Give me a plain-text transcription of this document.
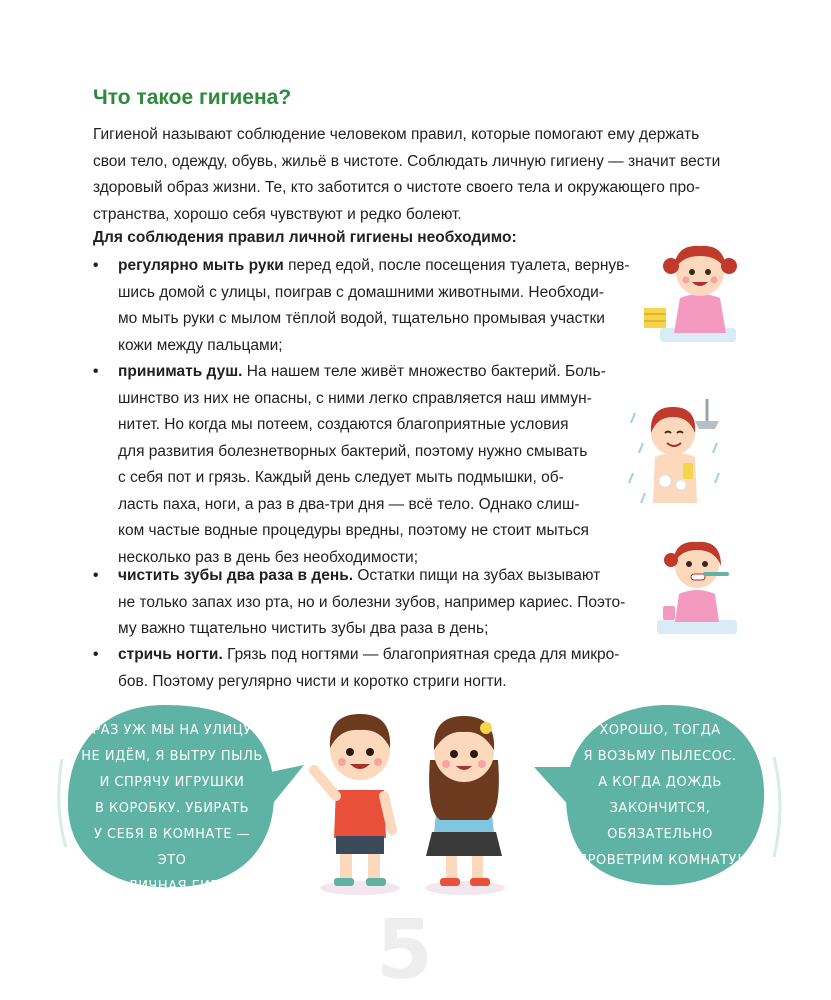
Что такое гигиена?
Гигиеной называют соблюдение человеком правил, которые помогают ему держать
свои тело, одежду, обувь, жильё в чистоте. Соблюдать личную гигиену — значит вести
здоровый образ жизни. Те, кто заботится о чистоте своего тела и окружающего про-
странства, хорошо себя чувствуют и редко болеют.
Для соблюдения правил личной гигиены необходимо:
•	регулярно мыть руки перед едой, после посещения туалета, вернув-
шись домой с улицы, поиграв с домашними животными. Необходи-
мо мыть руки с мылом тёплой водой, тщательно промывая участки
кожи между пальцами;
•	принимать душ. На нашем теле живёт множество бактерий. Боль-
шинство из них не опасны, с ними легко справляется наш иммун-
нитет. Но когда мы потеем, создаются благоприятные условия
для развития болезнетворных бактерий, поэтому нужно смывать
с себя пот и грязь. Каждый день следует мыть подмышки, об-
ласть паха, ноги, а раз в два-три дня — всё тело. Однако слиш-
ком частые водные процедуры вредны, поэтому не стоит мыться
несколько раз в день без необходимости;
•	чистить зубы два раза в день. Остатки пищи на зубах вызывают
не только запах изо рта, но и болезни зубов, например кариес. Поэто-
му важно тщательно чистить зубы два раза в день;
•	стричь ногти. Грязь под ногтями — благоприятная среда для микро-
бов. Поэтому регулярно чисти и коротко стриги ногти.
РАЗ УЖ МЫ НА УЛИЦУ
НЕ ИДЁМ, Я ВЫТРУ ПЫЛЬ
И СПРЯЧУ ИГРУШКИ
В КОРОБКУ. УБИРАТЬ
У СЕБЯ В КОМНАТЕ — ЭТО
ТОЖЕ ЛИЧНАЯ ГИГИЕНА!
ХОРОШО, ТОГДА
Я ВОЗЬМУ ПЫЛЕСОС.
А КОГДА ДОЖДЬ
ЗАКОНЧИТСЯ,
ОБЯЗАТЕЛЬНО
ПРОВЕТРИМ КОМНАТУ!
5
